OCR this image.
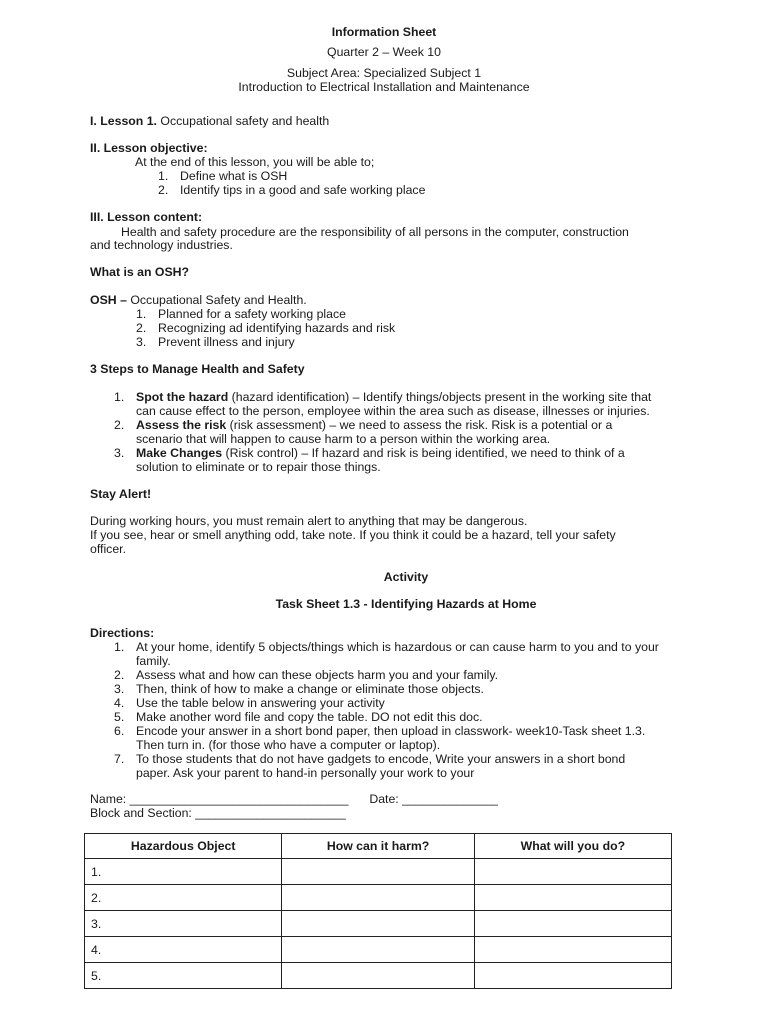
Information Sheet
Quarter 2 – Week 10
Subject Area: Specialized Subject 1
Introduction to Electrical Installation and Maintenance
I. Lesson 1. Occupational safety and health
II. Lesson objective:
At the end of this lesson, you will be able to;
1. Define what is OSH
2. Identify tips in a good and safe working place
III. Lesson content:
Health and safety procedure are the responsibility of all persons in the computer, construction
and technology industries.
What is an OSH?
OSH – Occupational Safety and Health.
1. Planned for a safety working place
2. Recognizing ad identifying hazards and risk
3. Prevent illness and injury
3 Steps to Manage Health and Safety
1. Spot the hazard (hazard identification) – Identify things/objects present in the working site that
can cause effect to the person, employee within the area such as disease, illnesses or injuries.
2. Assess the risk (risk assessment) – we need to assess the risk. Risk is a potential or a
scenario that will happen to cause harm to a person within the working area.
3. Make Changes (Risk control) – If hazard and risk is being identified, we need to think of a
solution to eliminate or to repair those things.
Stay Alert!
During working hours, you must remain alert to anything that may be dangerous.
If you see, hear or smell anything odd, take note. If you think it could be a hazard, tell your safety
officer.
Activity
Task Sheet 1.3 - Identifying Hazards at Home
Directions:
1. At your home, identify 5 objects/things which is hazardous or can cause harm to you and to your
family.
2. Assess what and how can these objects harm you and your family.
3. Then, think of how to make a change or eliminate those objects.
4. Use the table below in answering your activity
5. Make another word file and copy the table. DO not edit this doc.
6. Encode your answer in a short bond paper, then upload in classwork- week10-Task sheet 1.3.
Then turn in. (for those who have a computer or laptop).
7. To those students that do not have gadgets to encode, Write your answers in a short bond
paper. Ask your parent to hand-in personally your work to your
Name: ________________________________ Date: ______________
Block and Section: ______________________
Hazardous Object	How can it harm?	What will you do?
1.		
2.		
3.		
4.		
5.		
